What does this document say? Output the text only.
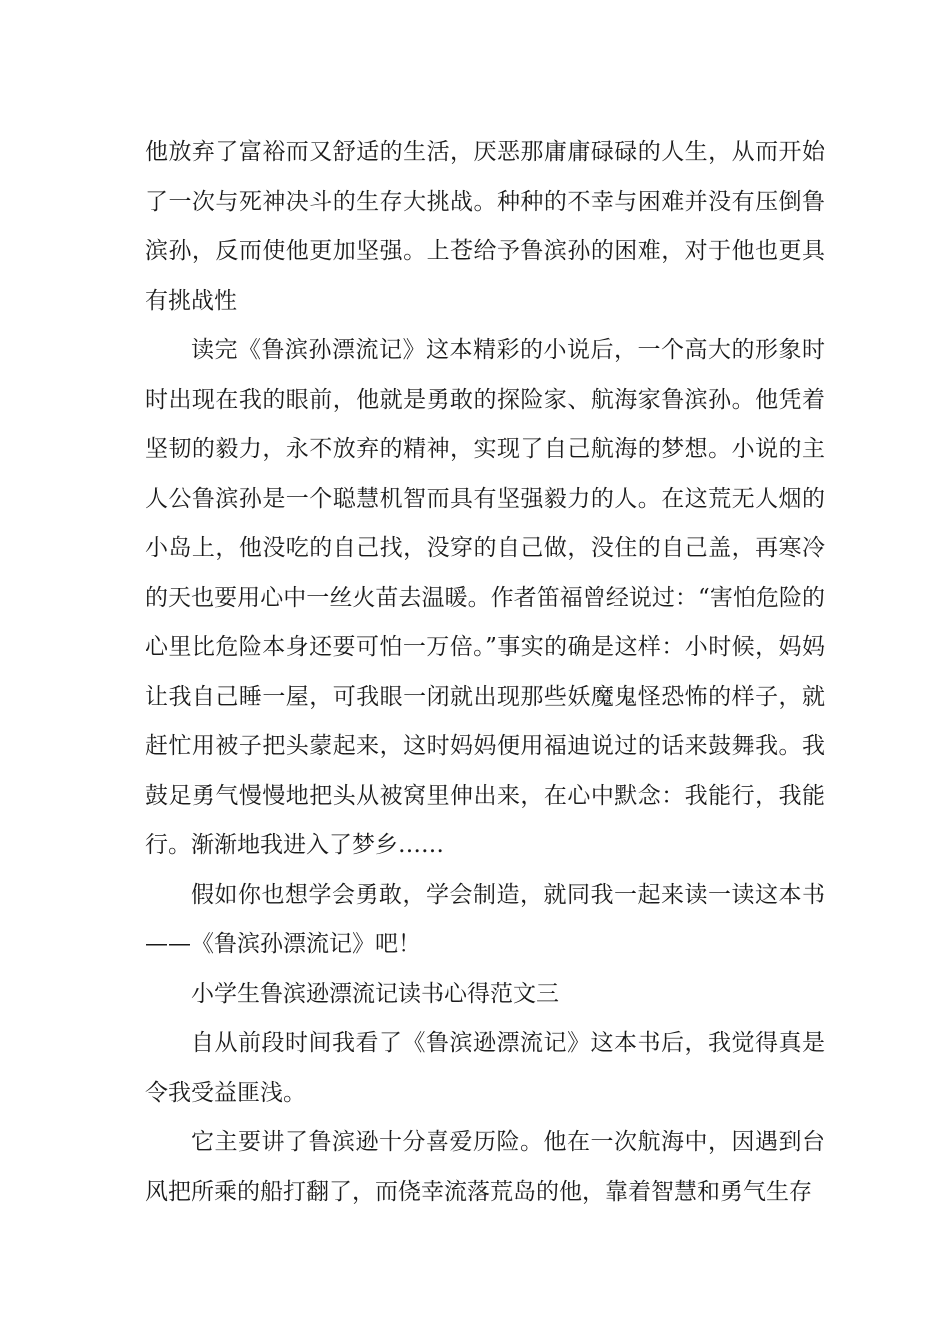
他放弃了富裕而又舒适的生活，厌恶那庸庸碌碌的人生，从而开始了一次与死神决斗的生存大挑战。种种的不幸与困难并没有压倒鲁滨孙，反而使他更加坚强。上苍给予鲁滨孙的困难，对于他也更具有挑战性

读完《鲁滨孙漂流记》这本精彩的小说后，一个高大的形象时时出现在我的眼前，他就是勇敢的探险家、航海家鲁滨孙。他凭着坚韧的毅力，永不放弃的精神，实现了自己航海的梦想。小说的主人公鲁滨孙是一个聪慧机智而具有坚强毅力的人。在这荒无人烟的小岛上，他没吃的自己找，没穿的自己做，没住的自己盖，再寒冷的天也要用心中一丝火苗去温暖。作者笛福曾经说过：“害怕危险的心里比危险本身还要可怕一万倍。”事实的确是这样：小时候，妈妈让我自己睡一屋，可我眼一闭就出现那些妖魔鬼怪恐怖的样子，就赶忙用被子把头蒙起来，这时妈妈便用福迪说过的话来鼓舞我。我鼓足勇气慢慢地把头从被窝里伸出来，在心中默念：我能行，我能行。渐渐地我进入了梦乡……

假如你也想学会勇敢，学会制造，就同我一起来读一读这本书——《鲁滨孙漂流记》吧！

小学生鲁滨逊漂流记读书心得范文三

自从前段时间我看了《鲁滨逊漂流记》这本书后，我觉得真是令我受益匪浅。

它主要讲了鲁滨逊十分喜爱历险。他在一次航海中，因遇到台风把所乘的船打翻了，而侥幸流落荒岛的他，靠着智慧和勇气生存
